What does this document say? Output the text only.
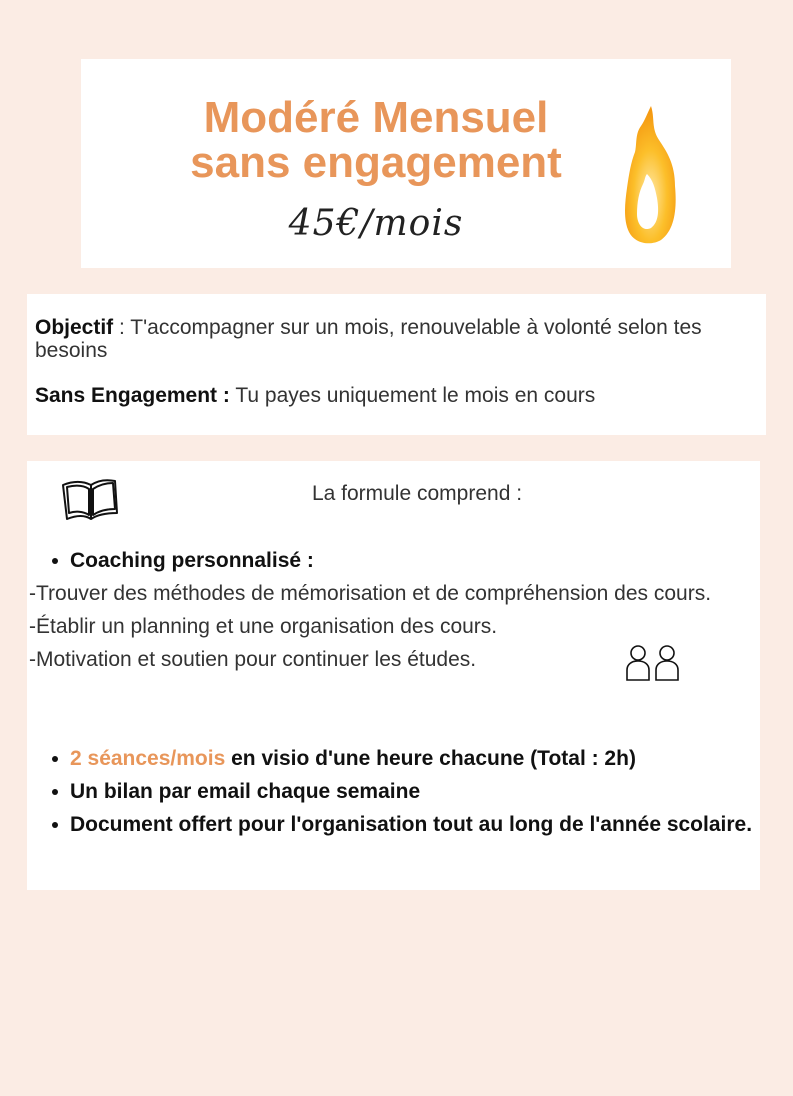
Modéré Mensuel
sans engagement
45€/mois

Objectif : T'accompagner sur un mois, renouvelable à volonté selon tes besoins

Sans Engagement : Tu payes uniquement le mois en cours

La formule comprend :

Coaching personnalisé :
-Trouver des méthodes de mémorisation et de compréhension des cours.
-Établir un planning et une organisation des cours.
-Motivation et soutien pour continuer les études.
2 séances/mois en visio d'une heure chacune (Total : 2h)
Un bilan par email chaque semaine
Document offert pour l'organisation tout au long de l'année scolaire.
